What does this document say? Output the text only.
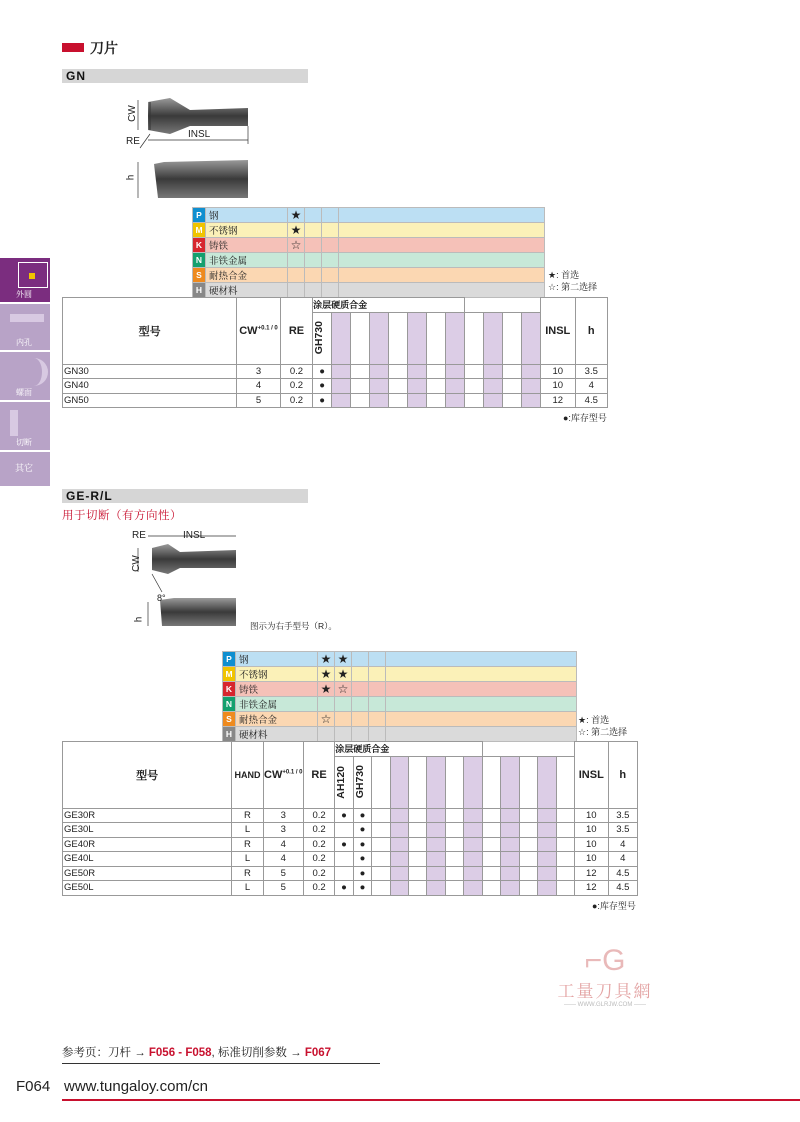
刀片
外圆
内孔
螺面
切断
其它
GN
CW
INSL
RE
h
P	钢	★			
M	不锈钢	★			
K	铸铁	☆			
N	非铁金属				
S	耐热合金				
H	硬材料				
★: 首选
☆: 第二选择
型号	$CW^{+0.1 / 0}$	RE	涂层硬质合金												INSL	h

			GH730													

GN30	3	0.2	●												10	3.5
GN40	4	0.2	●												10	4
GN50	5	0.2	●												12	4.5
●:库存型号
GE-R/L
用于切断（有方向性）
RE	INSL
CW
8°
h
图示为右手型号（R）。
P	钢	★	★			
M	不锈钢	★	★			
K	铸铁	★	☆			
N	非铁金属					
S	耐热合金	☆				
H	硬材料					
★: 首选
☆: 第二选择
型号	HAND	$CW^{+0.1 / 0}$	RE	涂层硬质合金													INSL	h

				AH120	GH730													

GE30R	R	3	0.2	●	●												10	3.5
GE30L	L	3	0.2		●												10	3.5
GE40R	R	4	0.2	●	●												10	4
GE40L	L	4	0.2		●												10	4
GE50R	R	5	0.2		●												12	4.5
GE50L	L	5	0.2	●	●												12	4.5
●:库存型号
⌐G
工量刀具網
—— WWW.GLRJW.COM ——
参考页：刀杆 → F056 - F058, 标准切削参数 → F067
F064 www.tungaloy.com/cn
